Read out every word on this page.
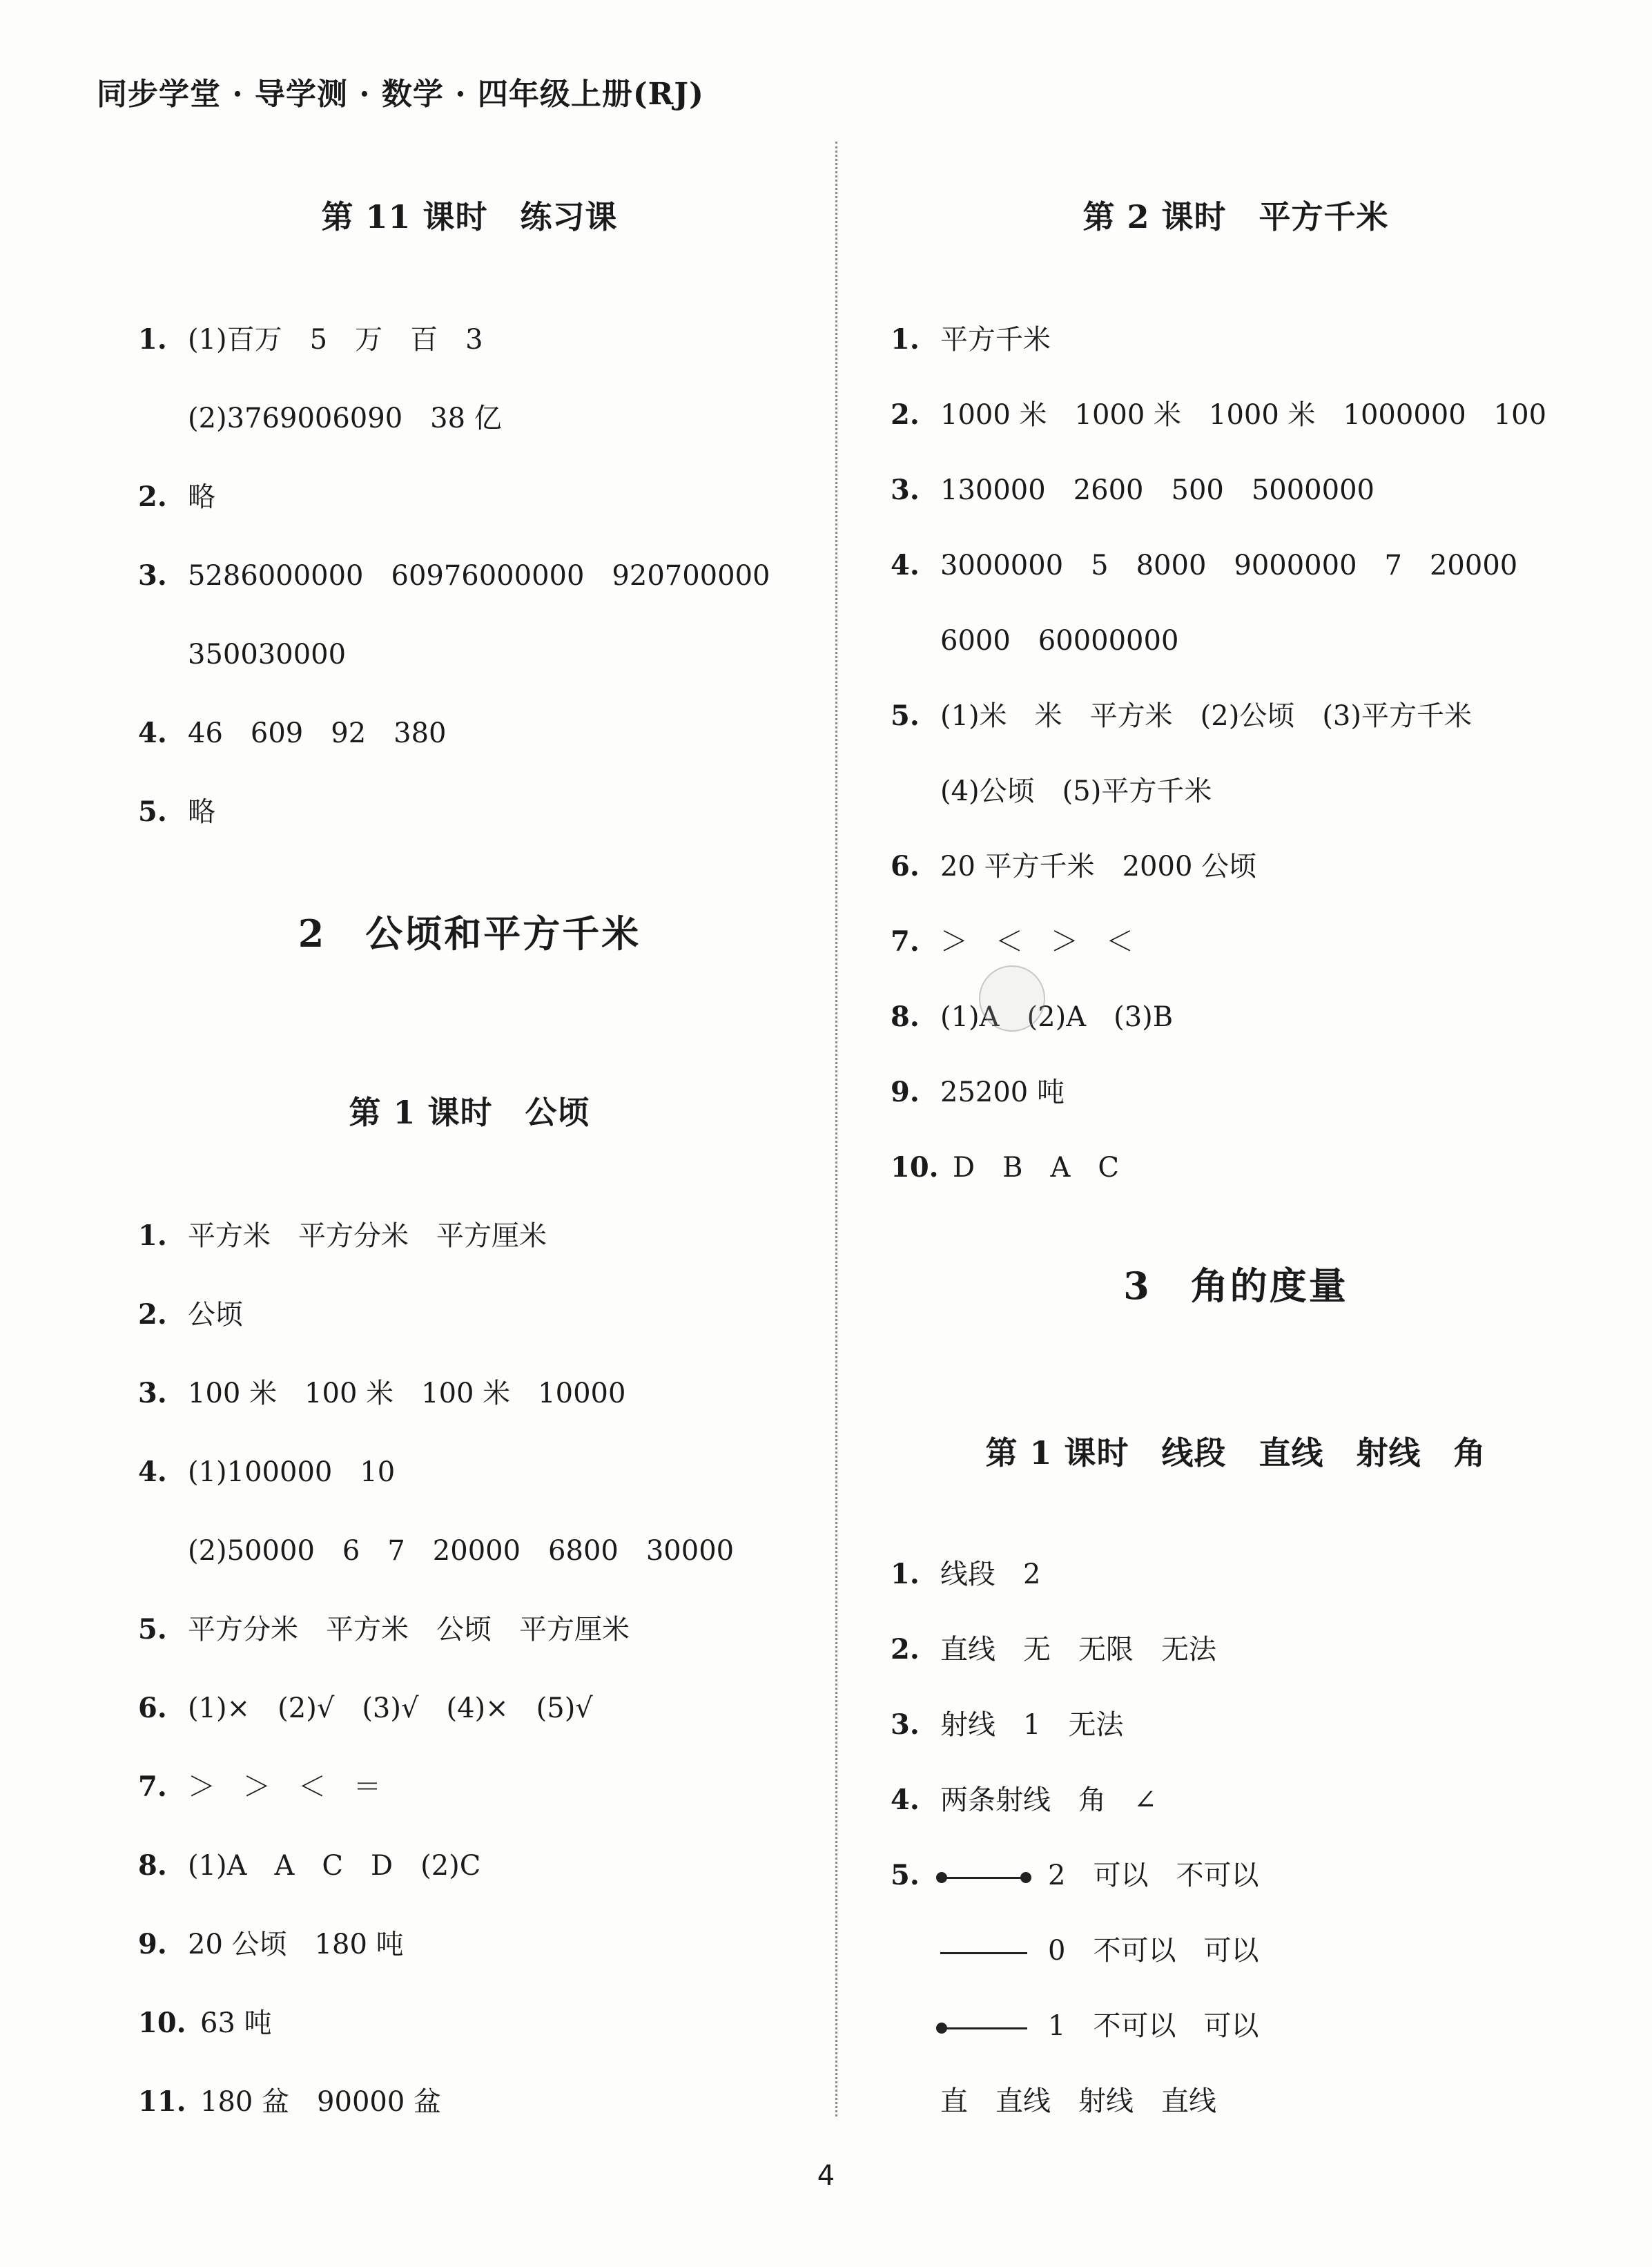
同步学堂 · 导学测 · 数学 · 四年级上册(RJ)
第 11 课时　练习课
1. (1)百万　5　万　百　3
(2)3769006090　38 亿
2. 略
3. 5286000000　60976000000　920700000
350030000
4. 46　609　92　380
5. 略
2　公顷和平方千米
第 1 课时　公顷
1. 平方米　平方分米　平方厘米
2. 公顷
3. 100 米　100 米　100 米　10000
4. (1)100000　10
(2)50000　6　7　20000　6800　30000
5. 平方分米　平方米　公顷　平方厘米
6. (1)×　(2)√　(3)√　(4)×　(5)√
7. ＞　＞　＜　＝
8. (1)A　A　C　D　(2)C
9. 20 公顷　180 吨
10. 63 吨
11. 180 盆　90000 盆
第 2 课时　平方千米
1. 平方千米
2. 1000 米　1000 米　1000 米　1000000　100
3. 130000　2600　500　5000000
4. 3000000　5　8000　9000000　7　20000
6000　60000000
5. (1)米　米　平方米　(2)公顷　(3)平方千米
(4)公顷　(5)平方千米
6. 20 平方千米　2000 公顷
7. ＞　＜　＞　＜
8. (1)A　(2)A　(3)B
9. 25200 吨
10. D　B　A　C
3　角的度量
第 1 课时　线段　直线　射线　角
1. 线段　2
2. 直线　无　无限　无法
3. 射线　1　无法
4. 两条射线　角　∠
5.	2　可以　不可以
0　不可以　可以
1　不可以　可以
直　直线　射线　直线
4
